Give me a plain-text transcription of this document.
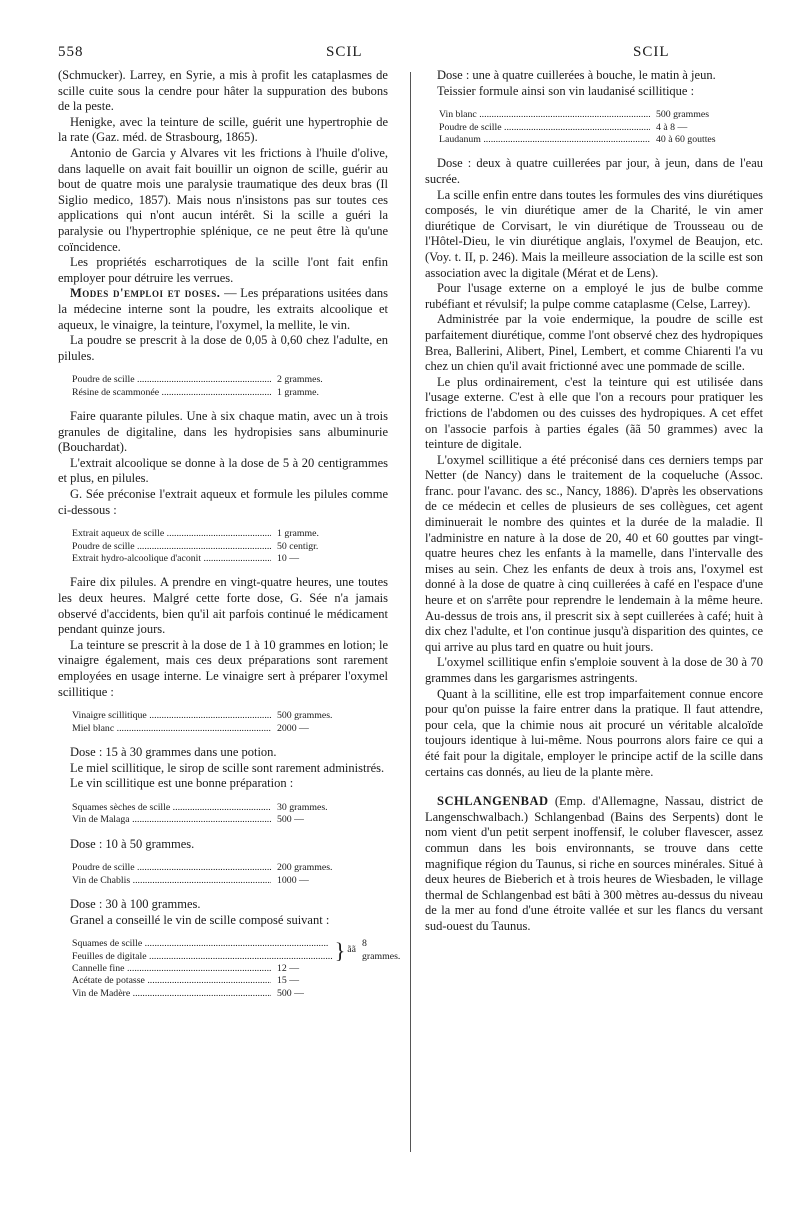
558	SCIL	SCIL

(Schmucker). Larrey, en Syrie, a mis à profit les cataplasmes de scille cuite sous la cendre pour hâter la suppuration des bubons de la peste.

Henigke, avec la teinture de scille, guérit une hypertrophie de la rate (Gaz. méd. de Strasbourg, 1865).

Antonio de Garcia y Alvares vit les frictions à l'huile d'olive, dans laquelle on avait fait bouillir un oignon de scille, guérir au bout de quatre mois une paralysie traumatique des deux bras (Il Siglio medico, 1857). Mais nous n'insistons pas sur toutes ces applications qui n'ont aucun intérêt. Si la scille a guéri la paralysie ou l'hypertrophie splénique, ce ne peut être là qu'une coïncidence.

Les propriétés escharrotiques de la scille l'ont fait enfin employer pour détruire les verrues.

Modes d'emploi et doses. — Les préparations usitées dans la médecine interne sont la poudre, les extraits alcoolique et aqueux, le vinaigre, la teinture, l'oxymel, la mellite, le vin.

La poudre se prescrit à la dose de 0,05 à 0,60 chez l'adulte, en pilules.

Poudre de scille .....	2 grammes.
Résine de scammonée .....	1 gramme.

Faire quarante pilules. Une à six chaque matin, avec un à trois granules de digitaline, dans les hydropisies sans albuminurie (Bouchardat).

L'extrait alcoolique se donne à la dose de 5 à 20 centigrammes et plus, en pilules.

G. Sée préconise l'extrait aqueux et formule les pilules comme ci-dessous :

Extrait aqueux de scille .....	1 gramme.
Poudre de scille .....	50 centigr.
Extrait hydro-alcoolique d'aconit .....	10 —

Faire dix pilules. A prendre en vingt-quatre heures, une toutes les deux heures. Malgré cette forte dose, G. Sée n'a jamais observé d'accidents, bien qu'il ait parfois continué le médicament pendant quinze jours.

La teinture se prescrit à la dose de 1 à 10 grammes en lotion; le vinaigre également, mais ces deux préparations sont rarement employées en usage interne. Le vinaigre sert à préparer l'oxymel scillitique :

Vinaigre scillitique .....	500 grammes.
Miel blanc .....	2000 —

Dose : 15 à 30 grammes dans une potion.

Le miel scillitique, le sirop de scille sont rarement administrés.

Le vin scillitique est une bonne préparation :

Squames sèches de scille .....	30 grammes.
Vin de Malaga .....	500 —

Dose : 10 à 50 grammes.

Poudre de scille .....	200 grammes.
Vin de Chablis .....	1000 —

Dose : 30 à 100 grammes.

Granel a conseillé le vin de scille composé suivant :

Squames de scille .....
Feuilles de digitale .....	} ãã
8 grammes.
Cannelle fine .....	12 —
Acétate de potasse .....	15 —
Vin de Madère .....	500 —

Dose : une à quatre cuillerées à bouche, le matin à jeun.

Teissier formule ainsi son vin laudanisé scillitique :

Vin blanc .....	500 grammes
Poudre de scille .....	4 à 8 —
Laudanum .....	40 à 60 gouttes

Dose : deux à quatre cuillerées par jour, à jeun, dans de l'eau sucrée.

La scille enfin entre dans toutes les formules des vins diurétiques composés, le vin diurétique amer de la Charité, le vin amer diurétique de Corvisart, le vin diurétique de Trousseau ou de l'Hôtel-Dieu, le vin diurétique anglais, l'oxymel de Beaujon, etc. (Voy. t. II, p. 246). Mais la meilleure association de la scille est son association avec la digitale (Mérat et de Lens).

Pour l'usage externe on a employé le jus de bulbe comme rubéfiant et révulsif; la pulpe comme cataplasme (Celse, Larrey).

Administrée par la voie endermique, la poudre de scille est parfaitement diurétique, comme l'ont observé chez des hydropiques Brea, Ballerini, Alibert, Pinel, Lembert, et comme Chiarenti l'a vu chez un chien qu'il avait frictionné avec une pommade de scille.

Le plus ordinairement, c'est la teinture qui est utilisée dans l'usage externe. C'est à elle que l'on a recours pour pratiquer les frictions de l'abdomen ou des cuisses des hydropiques. A cet effet on l'associe parfois à parties égales (ãã 50 grammes) avec la teinture de digitale.

L'oxymel scillitique a été préconisé dans ces derniers temps par Netter (de Nancy) dans le traitement de la coqueluche (Assoc. franc. pour l'avanc. des sc., Nancy, 1886). D'après les observations de ce médecin et celles de plusieurs de ses collègues, cet agent diminuerait le nombre des quintes et la durée de la maladie. Il l'administre en nature à la dose de 20, 40 et 60 gouttes par vingt-quatre heures chez les enfants à la mamelle, dans l'intervalle des mises au sein. Chez les enfants de deux à trois ans, l'oxymel est donné à la dose de quatre à cinq cuillerées à café en l'espace d'une heure et on s'arrête pour reprendre le lendemain à la même heure. Au-dessus de trois ans, il prescrit six à sept cuillerées à café; huit à dix chez l'adulte, et l'on continue jusqu'à disparition des quintes, ce qui arrive au plus tard en quatre ou huit jours.

L'oxymel scillitique enfin s'emploie souvent à la dose de 30 à 70 grammes dans les gargarismes astringents.

Quant à la scillitine, elle est trop imparfaitement connue encore pour qu'on puisse la faire entrer dans la pratique. Il faut attendre, pour cela, que la chimie nous ait procuré un véritable alcaloïde toujours identique à lui-même. Nous pourrons alors faire ce qui a été fait pour la digitale, employer le principe actif de la scille dans certains cas donnés, au lieu de la plante mère.

SCHLANGENBAD (Emp. d'Allemagne, Nassau, district de Langenschwalbach.) Schlangenbad (Bains des Serpents) dont le nom vient d'un petit serpent inoffensif, le coluber flavescer, assez commun dans les bois environnants, se trouve dans cette magnifique région du Taunus, si riche en sources minérales. Situé à deux heures de Bieberich et à trois heures de Wiesbaden, le village thermal de Schlangenbad est bâti à 300 mètres au-dessus du niveau de la mer au fond d'une étroite vallée et sur les flancs du versant sud-ouest du Taunus.
